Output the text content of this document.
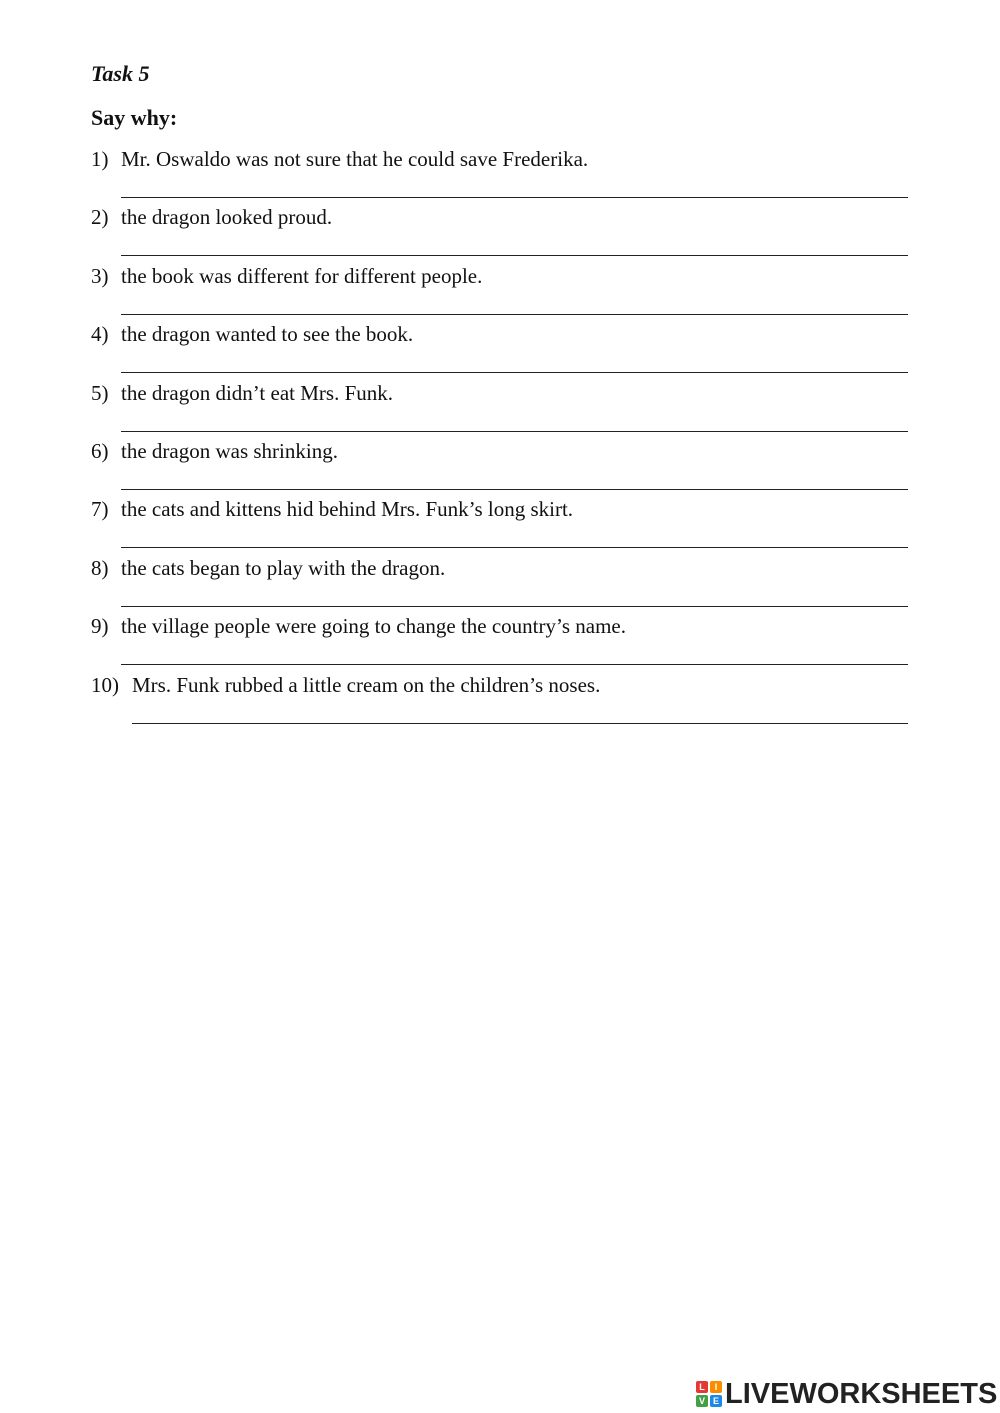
Task 5
Say why:
1) Mr. Oswaldo was not sure that he could save Frederika.
2) the dragon looked proud.
3) the book was different for different people.
4) the dragon wanted to see the book.
5) the dragon didn’t eat Mrs. Funk.
6) the dragon was shrinking.
7) the cats and kittens hid behind Mrs. Funk’s long skirt.
8) the cats began to play with the dragon.
9) the village people were going to change the country’s name.
10) Mrs. Funk rubbed a little cream on the children’s noses.
L	I
V E LIVEWORKSHEETS
